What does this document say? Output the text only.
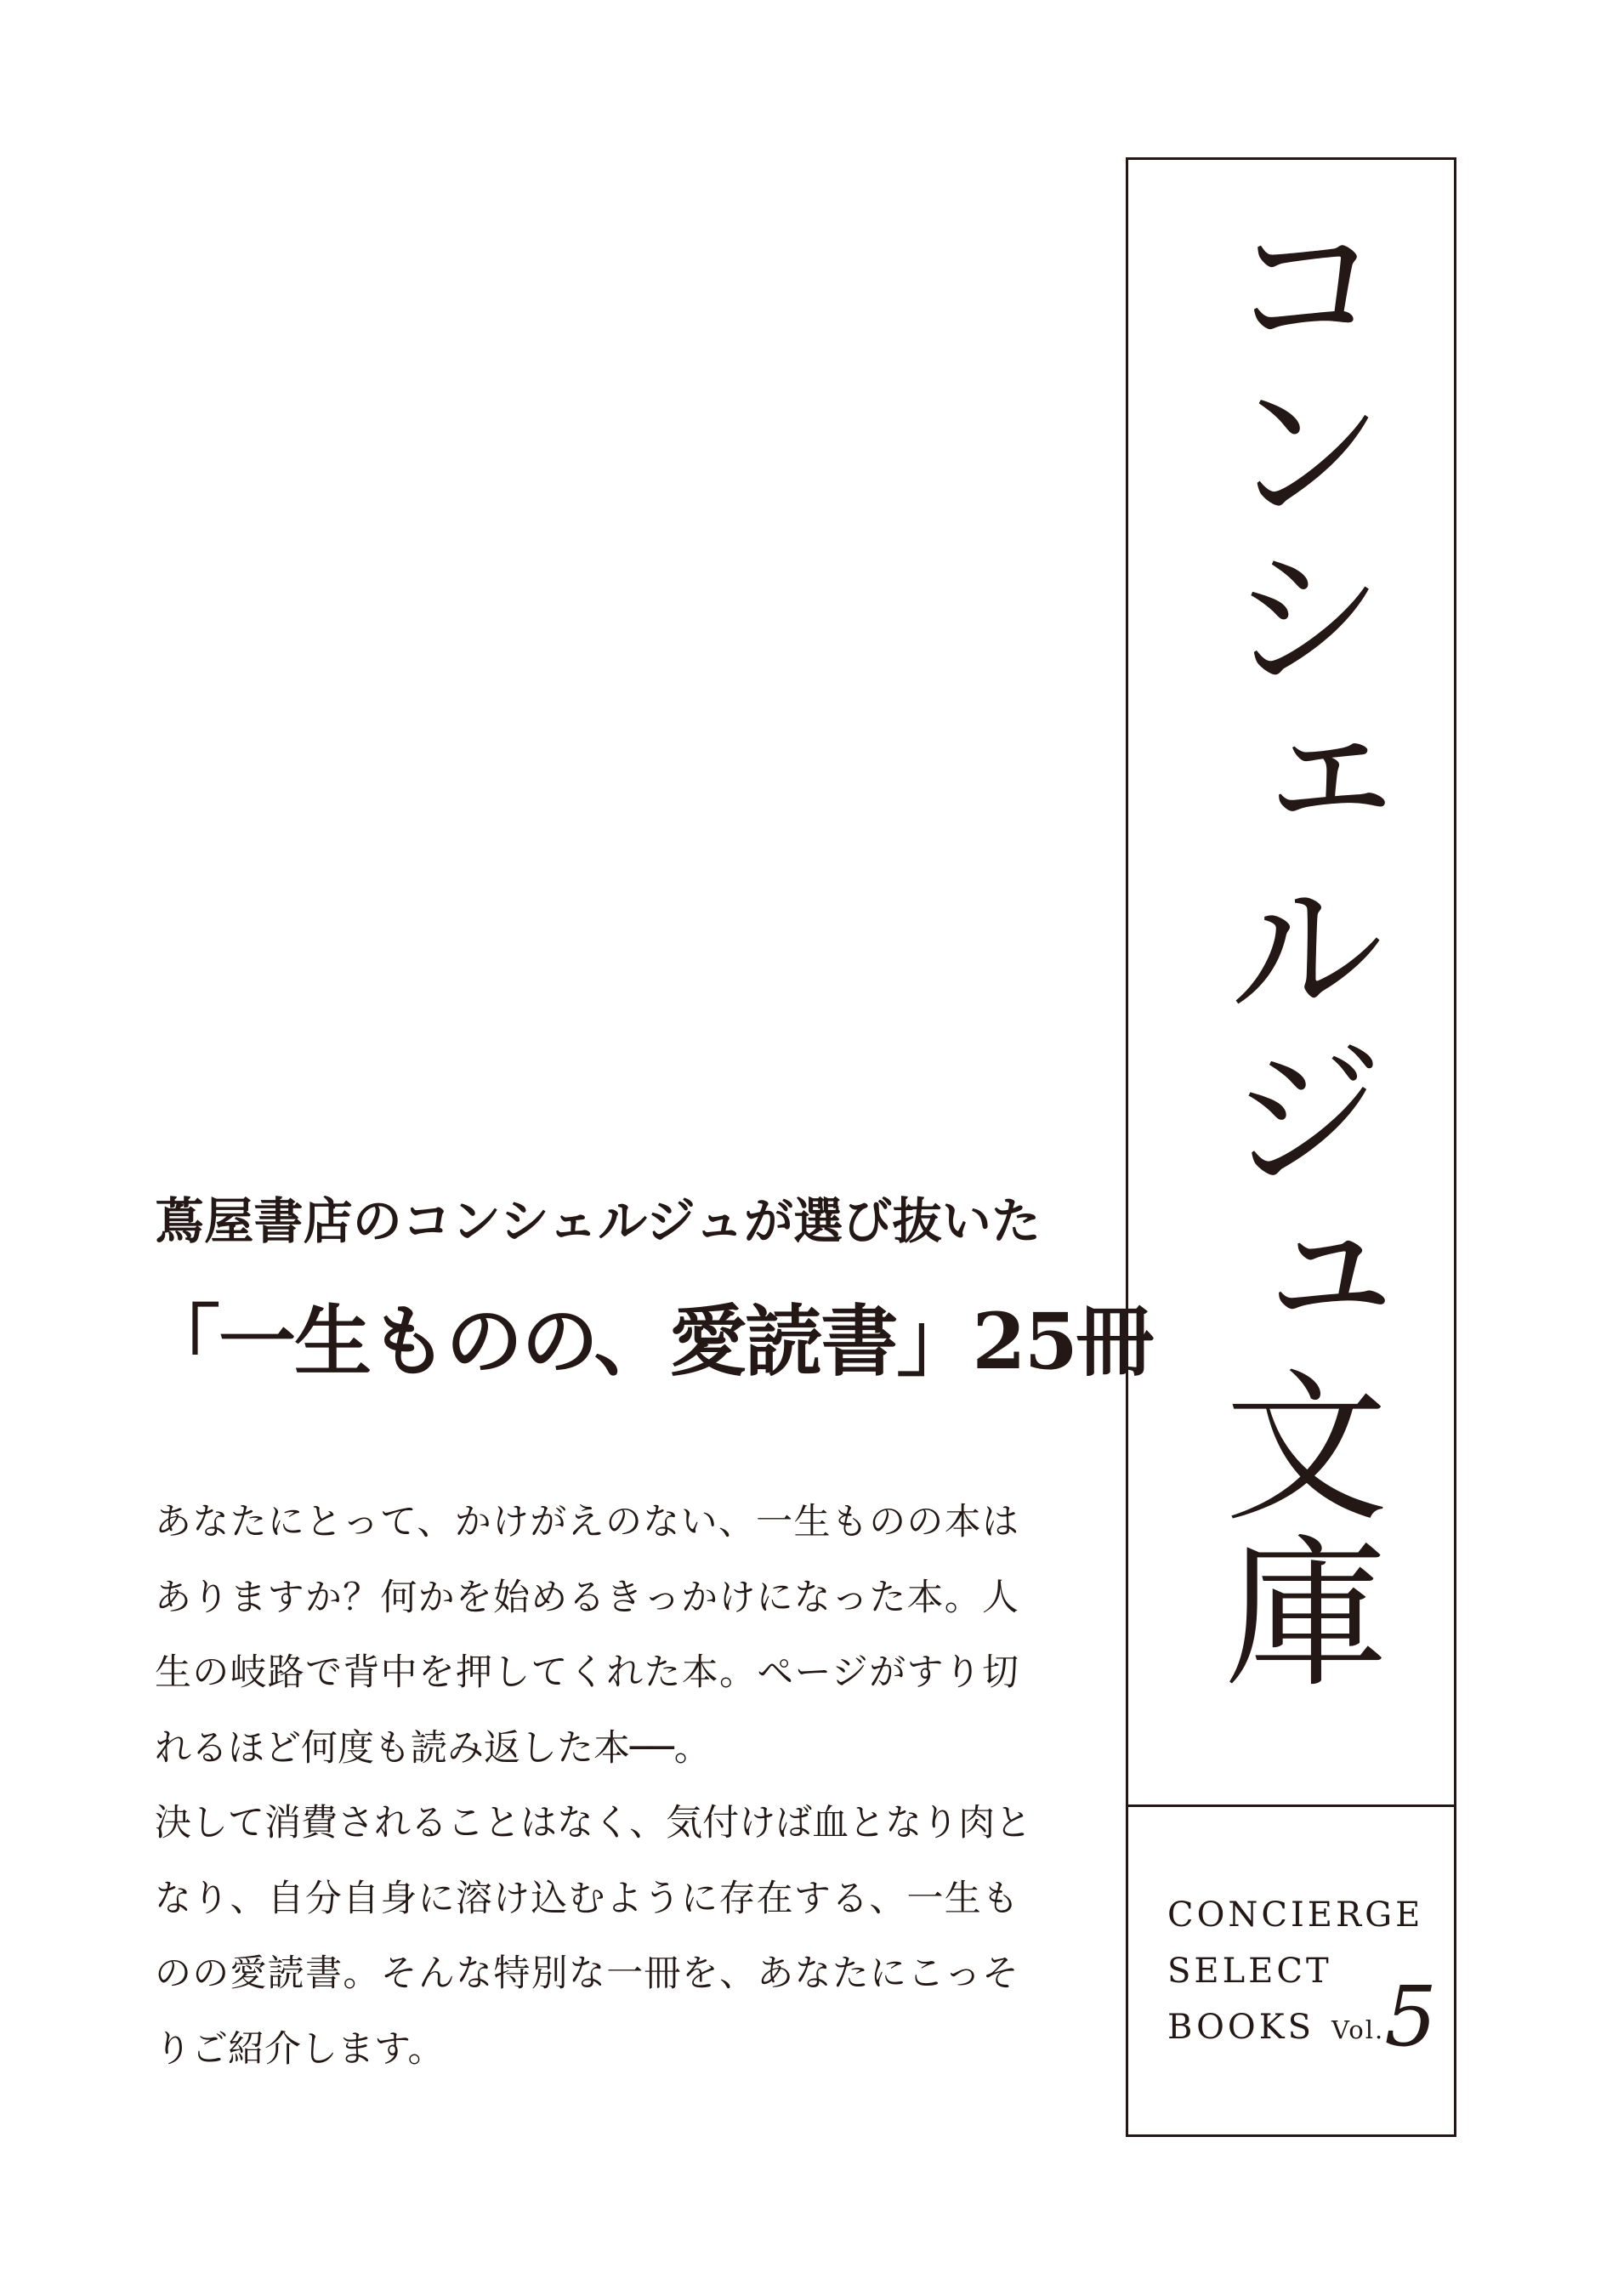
蔦屋書店のコンシェルジュが選び抜いた
「一生ものの、愛読書」25冊
あなたにとって、かけがえのない、一生ものの本は
ありますか？何かを始めるきっかけになった本。人
生の岐路で背中を押してくれた本。ページがすり切
れるほど何度も読み返した本──。
決して消費されることはなく、気付けば血となり肉と
なり、自分自身に溶け込むように存在する、一生も
のの愛読書。そんな特別な一冊を、あなたにこっそ
りご紹介します。
コンシェルジュ文庫
CONCIERGE
SELECT
BOOKS Vol.5
